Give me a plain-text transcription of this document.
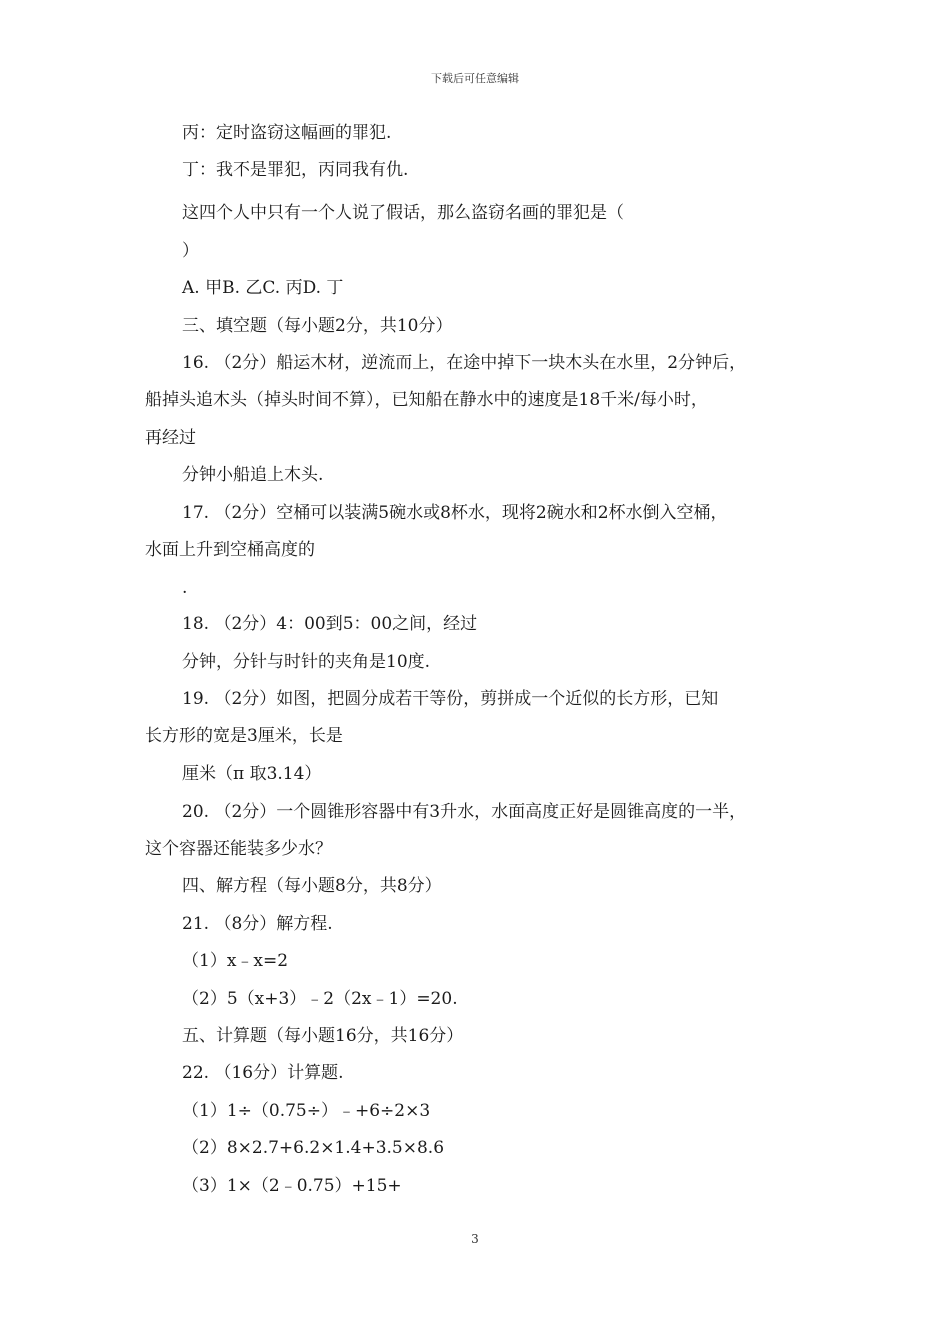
下载后可任意编辑
丙：定时盗窃这幅画的罪犯.
丁：我不是罪犯，丙同我有仇.
这四个人中只有一个人说了假话，那么盗窃名画的罪犯是（
）
A. 甲B. 乙C. 丙D. 丁
三、填空题（每小题2分，共10分）
16. （2分）船运木材，逆流而上，在途中掉下一块木头在水里，2分钟后，
船掉头追木头（掉头时间不算），已知船在静水中的速度是18千米/每小时，
再经过
分钟小船追上木头.
17. （2分）空桶可以装满5碗水或8杯水，现将2碗水和2杯水倒入空桶，
水面上升到空桶高度的
.
18. （2分）4：00到5：00之间，经过
分钟，分针与时针的夹角是10度.
19. （2分）如图，把圆分成若干等份，剪拼成一个近似的长方形，已知
长方形的宽是3厘米，长是
厘米（π 取3.14）
20. （2分）一个圆锥形容器中有3升水，水面高度正好是圆锥高度的一半，
这个容器还能装多少水？
四、解方程（每小题8分，共8分）
21. （8分）解方程.
（1）x﹣x=2
（2）5（x+3）﹣2（2x﹣1）=20.
五、计算题（每小题16分，共16分）
22. （16分）计算题.
（1）1÷（0.75÷）﹣+6÷2×3
（2）8×2.7+6.2×1.4+3.5×8.6
（3）1×（2﹣0.75）+15+
3
